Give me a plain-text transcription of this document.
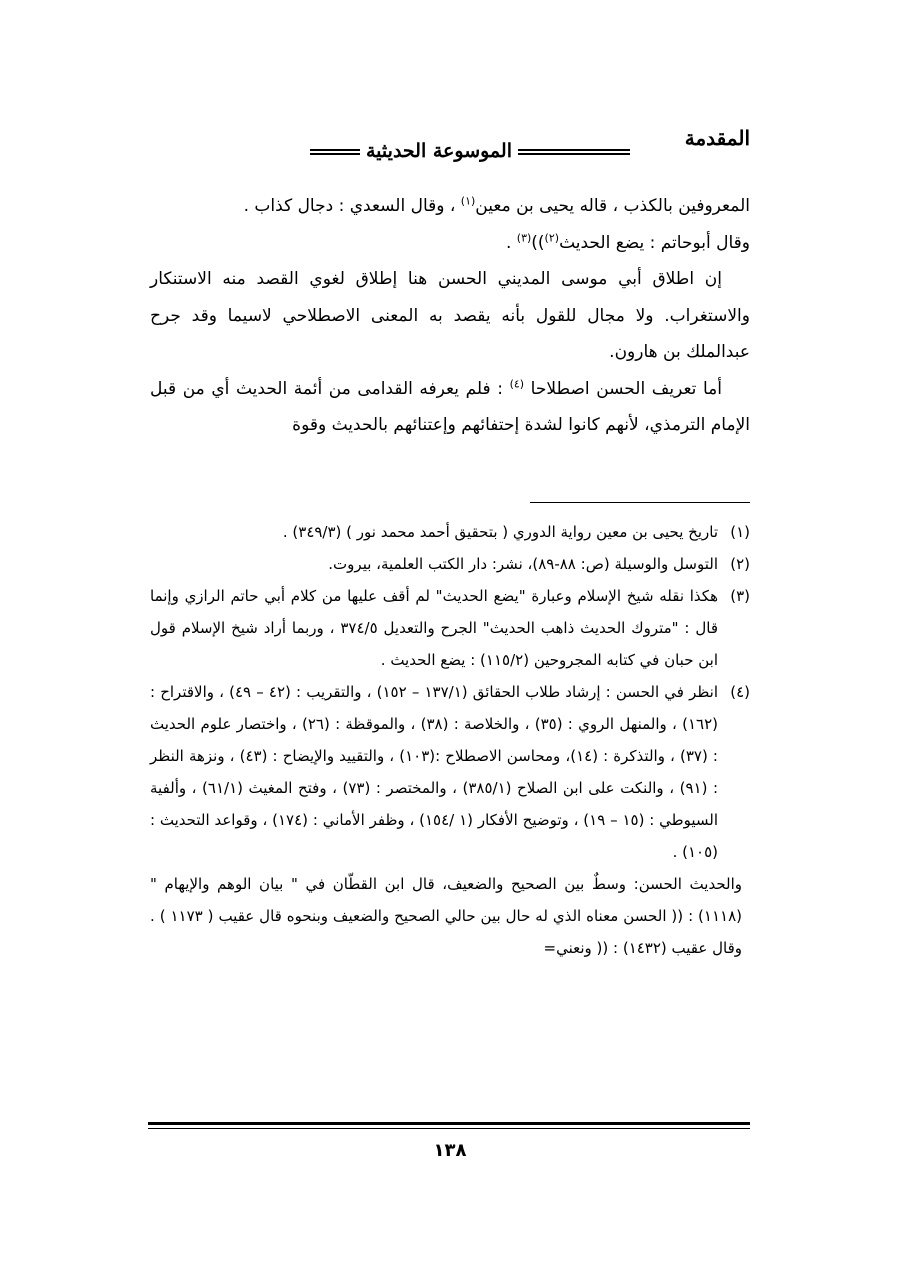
المقدمة
الموسوعة الحديثية

المعروفين بالكذب ، قاله يحيى بن معين$^{(١)}$ ، وقال السعدي : دجال كذاب .

وقال أبوحاتم : يضع الحديث$^{(٢)}$))$^{(٣)}$ .

إن اطلاق أبي موسى المديني الحسن هنا إطلاق لغوي القصد منه الاستنكار والاستغراب. ولا مجال للقول بأنه يقصد به المعنى الاصطلاحي لاسيما وقد جرح عبدالملك بن هارون.

أما تعريف الحسن اصطلاحا $^{(٤)}$ : فلم يعرفه القدامى من أئمة الحديث أي من قبل الإمام الترمذي، لأنهم كانوا لشدة إحتفائهم وإعتنائهم بالحديث وقوة

(١)
تاريخ يحيى بن معين رواية الدوري ( بتحقيق أحمد محمد نور ) (٣٤٩/٣) .
(٢)
التوسل والوسيلة (ص: ٨٨-٨٩)، نشر: دار الكتب العلمية، بيروت.
(٣)
هكذا نقله شيخ الإسلام وعبارة "يضع الحديث" لم أقف عليها من كلام أبي حاتم الرازي وإنما قال : "متروك الحديث ذاهب الحديث" الجرح والتعديل ٣٧٤/٥ ، وربما أراد شيخ الإسلام قول ابن حبان في كتابه المجروحين (١١٥/٢) : يضع الحديث .
(٤)
انظر في الحسن : إرشاد طلاب الحقائق (١٣٧/١ – ١٥٢) ، والتقريب : (٤٢ – ٤٩) ، والاقتراح : (١٦٢) ، والمنهل الروي : (٣٥) ، والخلاصة : (٣٨) ، والموقظة : (٢٦) ، واختصار علوم الحديث : (٣٧) ، والتذكرة : (١٤)، ومحاسن الاصطلاح :(١٠٣) ، والتقييد والإيضاح : (٤٣) ، ونزهة النظر : (٩١) ، والنكت على ابن الصلاح (٣٨٥/١) ، والمختصر : (٧٣) ، وفتح المغيث (٦١/١) ، وألفية السيوطي : (١٥ – ١٩) ، وتوضيح الأفكار (١ /١٥٤) ، وظفر الأماني : (١٧٤) ، وقواعد التحديث : (١٠٥) .

والحديث الحسن: وسطٌ بين الصحيح والضعيف، قال ابن القطّان في " بيان الوهم والإيهام " (١١١٨) : (( الحسن معناه الذي له حال بين حالي الصحيح والضعيف وبنحوه قال عقيب ( ١١٧٣ ) . وقال عقيب (١٤٣٢) : (( ونعني=

١٣٨
